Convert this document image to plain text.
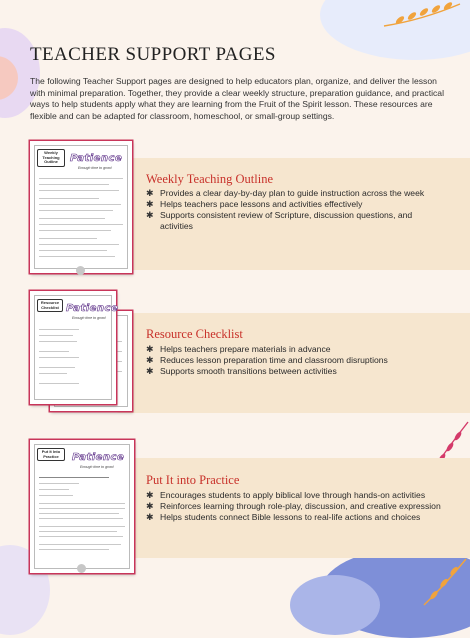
TEACHER SUPPORT PAGES

The following Teacher Support pages are designed to help educators plan, organize, and deliver the lesson with minimal preparation. Together, they provide a clear weekly structure, preparation guidance, and practical ways to help students apply what they are learning from the Fruit of the Spirit lesson. These resources are flexible and can be adapted for classroom, homeschool, or small-group settings.

Weekly Teaching Outline	Patience
Enough time to grow!
Weekly Teaching Outline
✱ Provides a clear day-by-day plan to guide instruction across the week
✱ Helps teachers pace lessons and activities effectively
✱ Supports consistent review of Scripture, discussion questions, and activities
Resource Checklist Patience
Enough time to grow!
Resource Checklist
✱ Helps teachers prepare materials in advance
✱ Reduces lesson preparation time and classroom disruptions
✱ Supports smooth transitions between activities
Put It Into Practice	Patience
Enough time to grow!
Put It into Practice
✱ Encourages students to apply biblical love through hands-on activities
✱ Reinforces learning through role-play, discussion, and creative expression
✱ Helps students connect Bible lessons to real-life actions and choices
